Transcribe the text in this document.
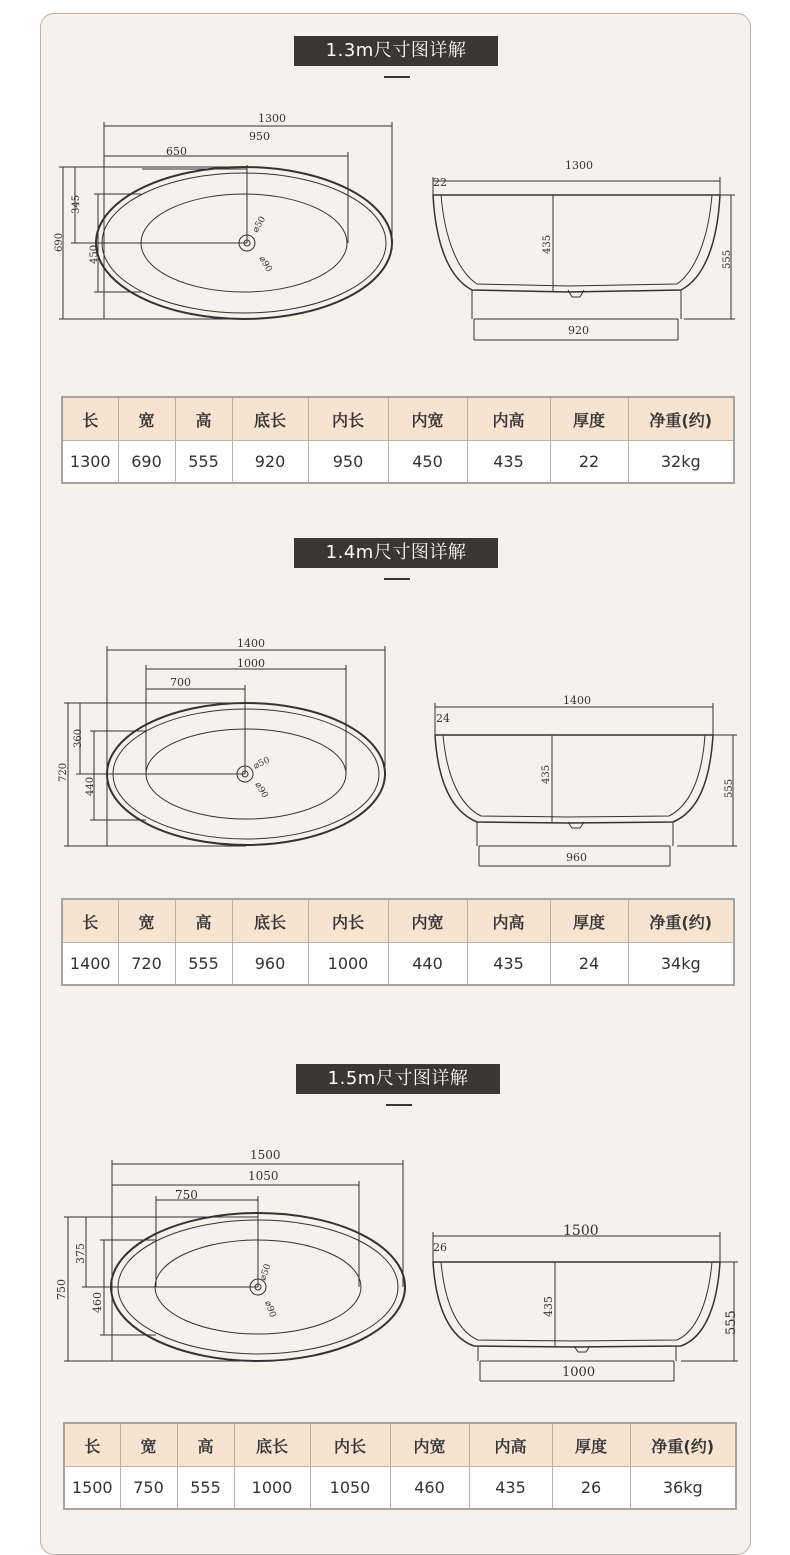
1.3m尺寸图详解
1300
950
650
690
345
450
⌀50
⌀90
1300
22
435
555
920
长	宽	高	底长	内长	内宽	内高	厚度	净重(约)
1300	690	555	920	950	450	435	22	32kg
1.4m尺寸图详解
1400
1000
700
720
360
440
⌀50
⌀90
1400
24
435
555
960
长	宽	高	底长	内长	内宽	内高	厚度	净重(约)
1400	720	555	960	1000	440	435	24	34kg
1.5m尺寸图详解
1500
1050
750
750
375
460
⌀50
⌀90
1500
26
435
555
1000
长	宽	高	底长	内长	内宽	内高	厚度	净重(约)
1500	750	555	1000	1050	460	435	26	36kg
